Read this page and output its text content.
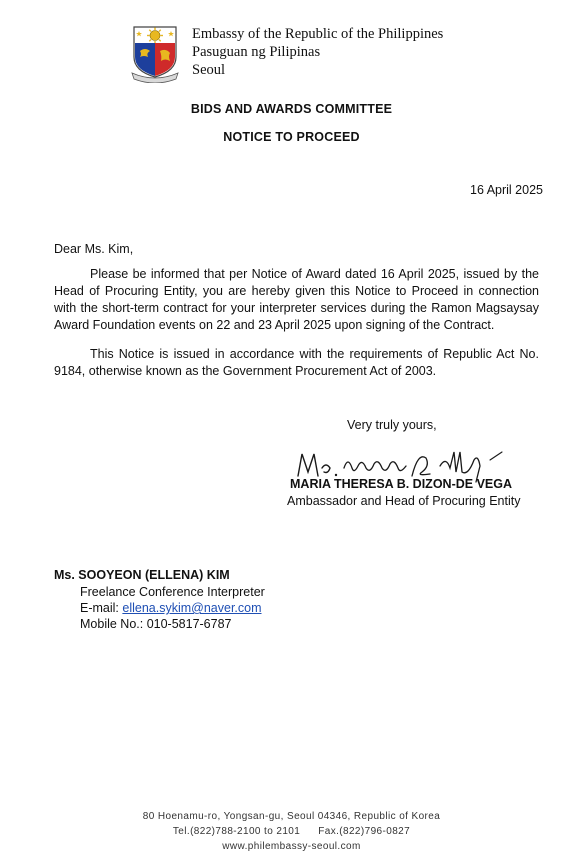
Embassy of the Republic of the Philippines
Pasuguan ng Pilipinas
Seoul
BIDS AND AWARDS COMMITTEE
NOTICE TO PROCEED
16 April 2025
Dear Ms. Kim,

Please be informed that per Notice of Award dated 16 April 2025, issued by the Head of Procuring Entity, you are hereby given this Notice to Proceed in connection with the short-term contract for your interpreter services during the Ramon Magsaysay Award Foundation events on 22 and 23 April 2025 upon signing of the Contract.

This Notice is issued in accordance with the requirements of Republic Act No. 9184, otherwise known as the Government Procurement Act of 2003.

Very truly yours,
MARIA THERESA B. DIZON-DE VEGA
Ambassador and Head of Procuring Entity
Ms. SOOYEON (ELLENA) KIM
Freelance Conference Interpreter
E-mail: ellena.sykim@naver.com
Mobile No.: 010-5817-6787
80 Hoenamu-ro, Yongsan-gu, Seoul 04346, Republic of Korea
Tel.(822)788-2100 to 2101 Fax.(822)796-0827
www.philembassy-seoul.com
